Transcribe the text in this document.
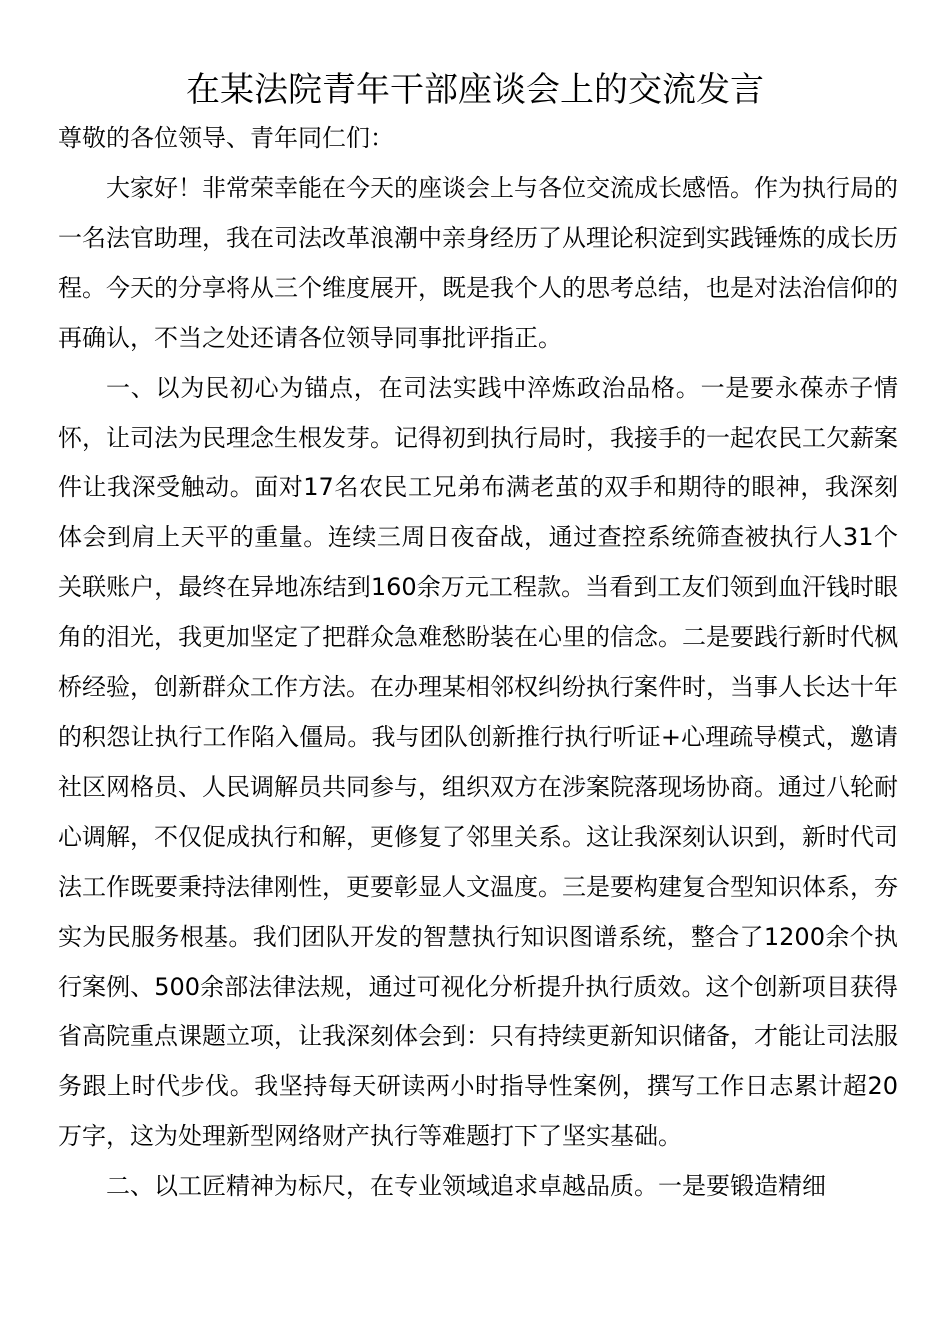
在某法院青年干部座谈会上的交流发言
尊敬的各位领导、青年同仁们：

大家好！非常荣幸能在今天的座谈会上与各位交流成长感悟。作为执行局的一名法官助理，我在司法改革浪潮中亲身经历了从理论积淀到实践锤炼的成长历程。今天的分享将从三个维度展开，既是我个人的思考总结，也是对法治信仰的再确认，不当之处还请各位领导同事批评指正。

一、以为民初心为锚点，在司法实践中淬炼政治品格。一是要永葆赤子情怀，让司法为民理念生根发芽。记得初到执行局时，我接手的一起农民工欠薪案件让我深受触动。面对17名农民工兄弟布满老茧的双手和期待的眼神，我深刻体会到肩上天平的重量。连续三周日夜奋战，通过查控系统筛查被执行人31个关联账户，最终在异地冻结到160余万元工程款。当看到工友们领到血汗钱时眼角的泪光，我更加坚定了把群众急难愁盼装在心里的信念。二是要践行新时代枫桥经验，创新群众工作方法。在办理某相邻权纠纷执行案件时，当事人长达十年的积怨让执行工作陷入僵局。我与团队创新推行执行听证+心理疏导模式，邀请社区网格员、人民调解员共同参与，组织双方在涉案院落现场协商。通过八轮耐心调解，不仅促成执行和解，更修复了邻里关系。这让我深刻认识到，新时代司法工作既要秉持法律刚性，更要彰显人文温度。三是要构建复合型知识体系，夯实为民服务根基。我们团队开发的智慧执行知识图谱系统，整合了1200余个执行案例、500余部法律法规，通过可视化分析提升执行质效。这个创新项目获得省高院重点课题立项，让我深刻体会到：只有持续更新知识储备，才能让司法服务跟上时代步伐。我坚持每天研读两小时指导性案例，撰写工作日志累计超20万字，这为处理新型网络财产执行等难题打下了坚实基础。

二、以工匠精神为标尺，在专业领域追求卓越品质。一是要锻造精细
